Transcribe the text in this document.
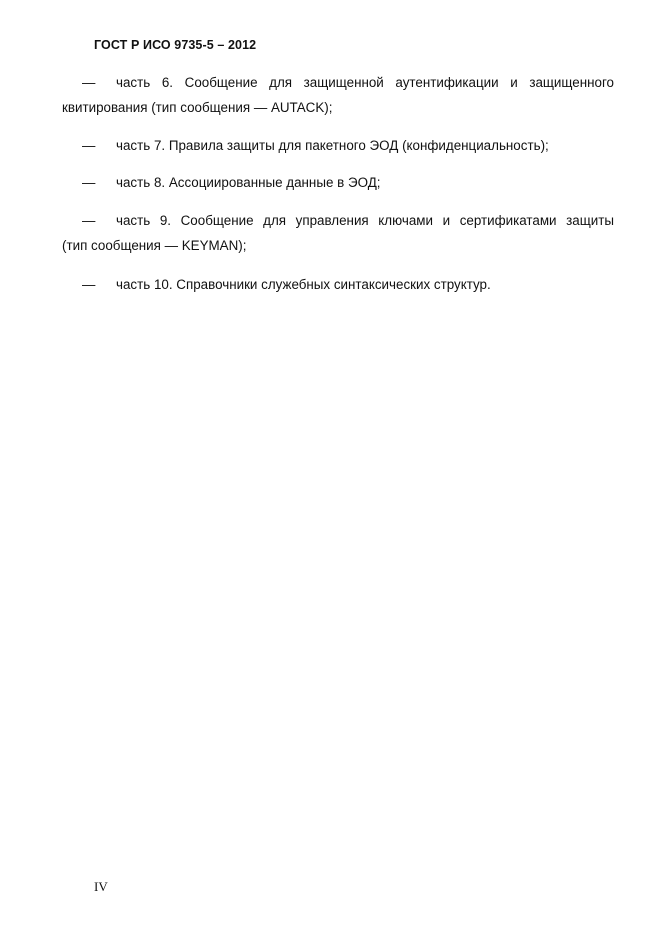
ГОСТ Р ИСО 9735-5 – 2012
— часть 6. Сообщение для защищенной аутентификации и защищенного
квитирования (тип сообщения — AUTACK);
— часть 7. Правила защиты для пакетного ЭОД (конфиденциальность);
— часть 8. Ассоциированные данные в ЭОД;
— часть 9. Сообщение для управления ключами и сертификатами защиты
(тип сообщения — KEYMAN);
— часть 10. Справочники служебных синтаксических структур.
IV
